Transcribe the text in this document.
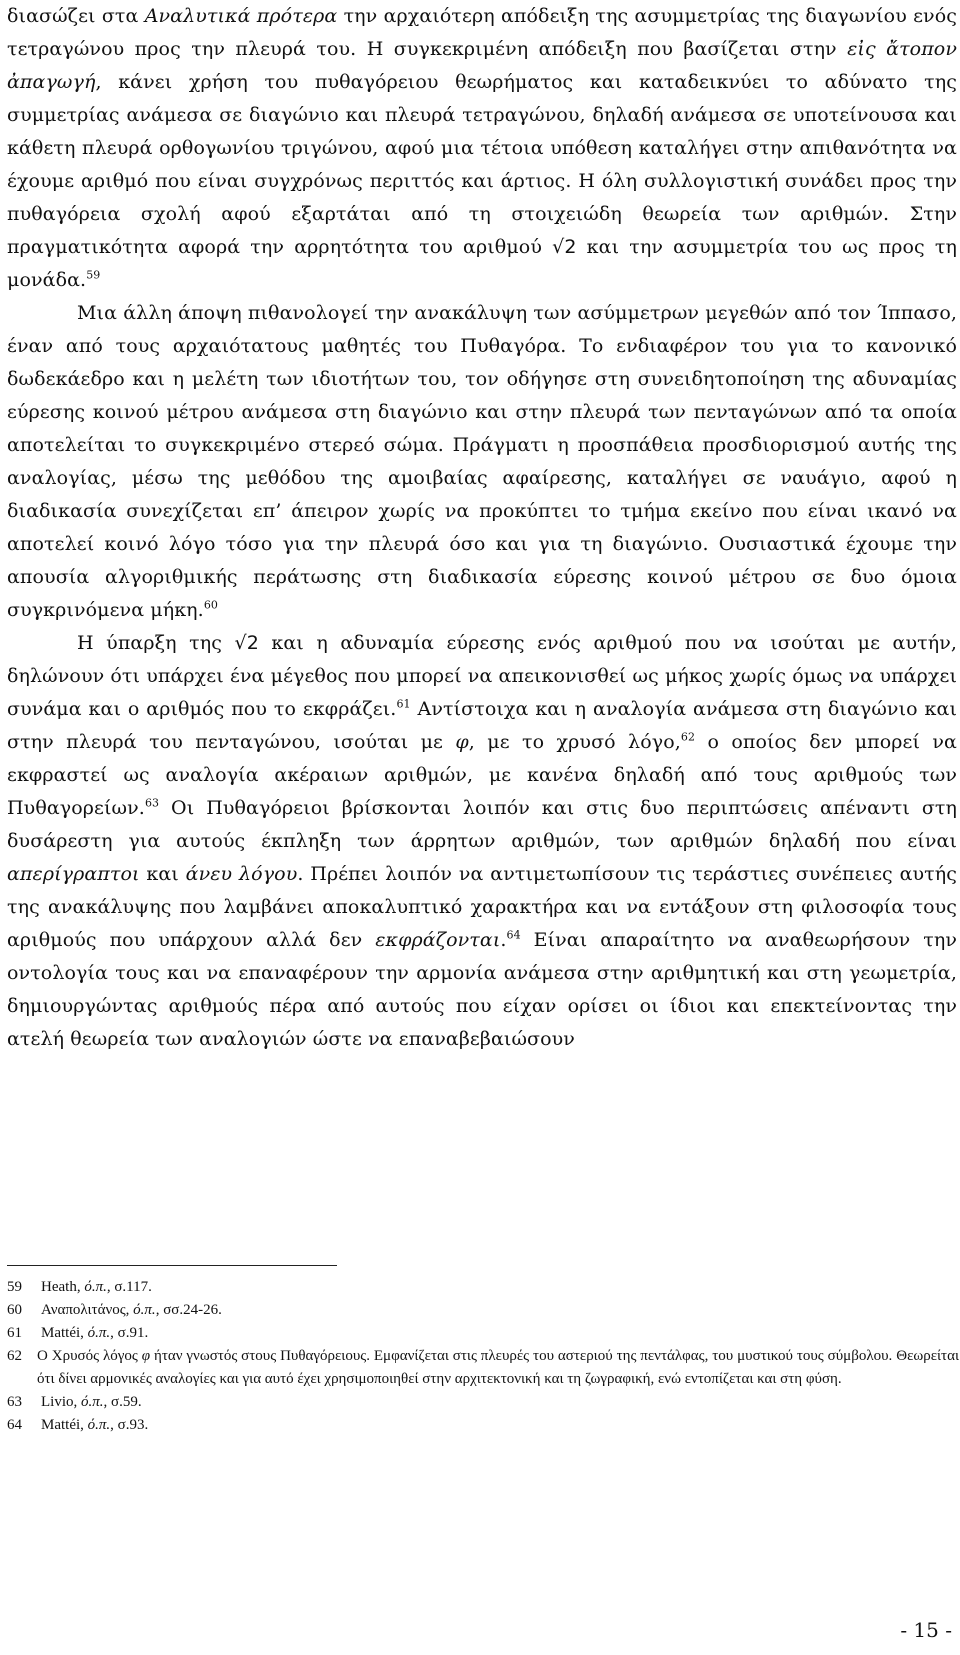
διασώζει στα Αναλυτικά πρότερα την αρχαιότερη απόδειξη της ασυμμετρίας της διαγωνίου ενός τετραγώνου προς την πλευρά του. Η συγκεκριμένη απόδειξη που βασίζεται στην εἰς ἄτοπον ἀπαγωγή, κάνει χρήση του πυθαγόρειου θεωρήματος και καταδεικνύει το αδύνατο της συμμετρίας ανάμεσα σε διαγώνιο και πλευρά τετραγώνου, δηλαδή ανάμεσα σε υποτείνουσα και κάθετη πλευρά ορθογωνίου τριγώνου, αφού μια τέτοια υπόθεση καταλήγει στην απιθανότητα να έχουμε αριθμό που είναι συγχρόνως περιττός και άρτιος. Η όλη συλλογιστική συνάδει προς την πυθαγόρεια σχολή αφού εξαρτάται από τη στοιχειώδη θεωρεία των αριθμών. Στην πραγματικότητα αφορά την αρρητότητα του αριθμού √2 και την ασυμμετρία του ως προς τη μονάδα.$^{59}$

Μια άλλη άποψη πιθανολογεί την ανακάλυψη των ασύμμετρων μεγεθών από τον Ίππασο, έναν από τους αρχαιότατους μαθητές του Πυθαγόρα. Το ενδιαφέρον του για το κανονικό δωδεκάεδρο και η μελέτη των ιδιοτήτων του, τον οδήγησε στη συνειδητοποίηση της αδυναμίας εύρεσης κοινού μέτρου ανάμεσα στη διαγώνιο και στην πλευρά των πενταγώνων από τα οποία αποτελείται το συγκεκριμένο στερεό σώμα. Πράγματι η προσπάθεια προσδιορισμού αυτής της αναλογίας, μέσω της μεθόδου της αμοιβαίας αφαίρεσης, καταλήγει σε ναυάγιο, αφού η διαδικασία συνεχίζεται επ’ άπειρον χωρίς να προκύπτει το τμήμα εκείνο που είναι ικανό να αποτελεί κοινό λόγο τόσο για την πλευρά όσο και για τη διαγώνιο. Ουσιαστικά έχουμε την απουσία αλγοριθμικής περάτωσης στη διαδικασία εύρεσης κοινού μέτρου σε δυο όμοια συγκρινόμενα μήκη.$^{60}$

Η ύπαρξη της √2 και η αδυναμία εύρεσης ενός αριθμού που να ισούται με αυτήν, δηλώνουν ότι υπάρχει ένα μέγεθος που μπορεί να απεικονισθεί ως μήκος χωρίς όμως να υπάρχει συνάμα και ο αριθμός που το εκφράζει.$^{61}$ Αντίστοιχα και η αναλογία ανάμεσα στη διαγώνιο και στην πλευρά του πενταγώνου, ισούται με φ, με το χρυσό λόγο,$^{62}$ ο οποίος δεν μπορεί να εκφραστεί ως αναλογία ακέραιων αριθμών, με κανένα δηλαδή από τους αριθμούς των Πυθαγορείων.$^{63}$ Οι Πυθαγόρειοι βρίσκονται λοιπόν και στις δυο περιπτώσεις απέναντι στη δυσάρεστη για αυτούς έκπληξη των άρρητων αριθμών, των αριθμών δηλαδή που είναι απερίγραπτοι και άνευ λόγου. Πρέπει λοιπόν να αντιμετωπίσουν τις τεράστιες συνέπειες αυτής της ανακάλυψης που λαμβάνει αποκαλυπτικό χαρακτήρα και να εντάξουν στη φιλοσοφία τους αριθμούς που υπάρχουν αλλά δεν εκφράζονται.$^{64}$ Είναι απαραίτητο να αναθεωρήσουν την οντολογία τους και να επαναφέρουν την αρμονία ανάμεσα στην αριθμητική και στη γεωμετρία, δημιουργώντας αριθμούς πέρα από αυτούς που είχαν ορίσει οι ίδιοι και επεκτείνοντας την ατελή θεωρεία των αναλογιών ώστε να επαναβεβαιώσουν

59	Heath, ό.π., σ.117.
60	Αναπολιτάνος, ό.π., σσ.24-26.
61	Mattéi, ό.π., σ.91.
62	Ο Χρυσός λόγος φ ήταν γνωστός στους Πυθαγόρειους. Εμφανίζεται στις πλευρές του αστεριού της πεντάλφας, του μυστικού τους σύμβολου. Θεωρείται ότι δίνει αρμονικές αναλογίες και για αυτό έχει χρησιμοποιηθεί στην αρχιτεκτονική και τη ζωγραφική, ενώ εντοπίζεται και στη φύση.
63	Livio, ό.π., σ.59.
64	Mattéi, ό.π., σ.93.
- 15 -
